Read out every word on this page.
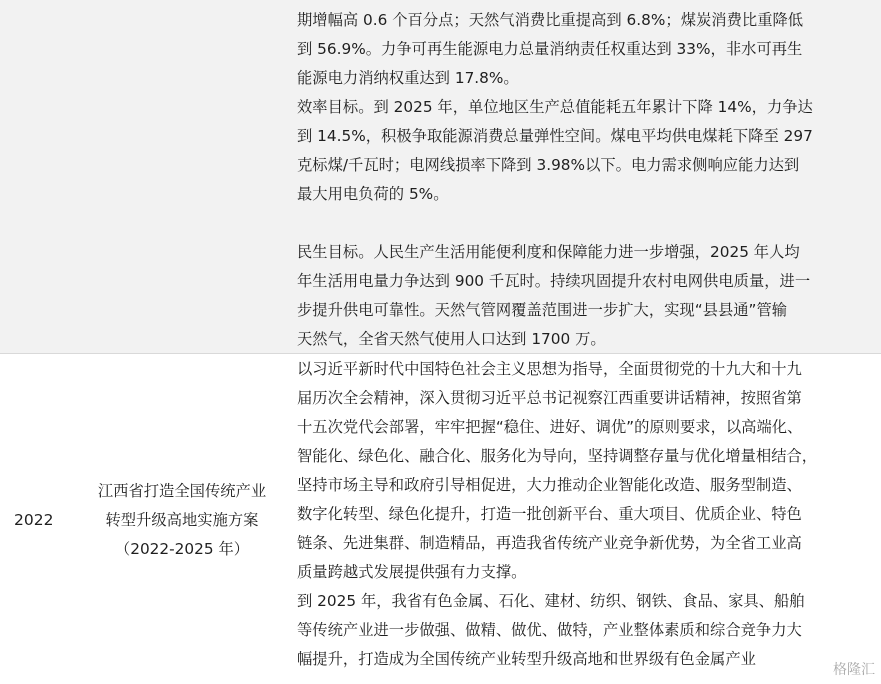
期增幅高 0.6 个百分点；天然气消费比重提高到 6.8%；煤炭消费比重降低
到 56.9%。力争可再生能源电力总量消纳责任权重达到 33%，非水可再生
能源电力消纳权重达到 17.8%。

效率目标。到 2025 年，单位地区生产总值能耗五年累计下降 14%，力争达
到 14.5%，积极争取能源消费总量弹性空间。煤电平均供电煤耗下降至 297
克标煤/千瓦时；电网线损率下降到 3.98%以下。电力需求侧响应能力达到
最大用电负荷的 5%。

民生目标。人民生产生活用能便利度和保障能力进一步增强，2025 年人均
年生活用电量力争达到 900 千瓦时。持续巩固提升农村电网供电质量，进一
步提升供电可靠性。天然气管网覆盖范围进一步扩大，实现“县县通”管输
天然气，全省天然气使用人口达到 1700 万。

2022
江西省打造全国传统产业
转型升级高地实施方案
（2022-2025 年）

以习近平新时代中国特色社会主义思想为指导，全面贯彻党的十九大和十九
届历次全会精神，深入贯彻习近平总书记视察江西重要讲话精神，按照省第
十五次党代会部署，牢牢把握“稳住、进好、调优”的原则要求，以高端化、
智能化、绿色化、融合化、服务化为导向，坚持调整存量与优化增量相结合，
坚持市场主导和政府引导相促进，大力推动企业智能化改造、服务型制造、
数字化转型、绿色化提升，打造一批创新平台、重大项目、优质企业、特色
链条、先进集群、制造精品，再造我省传统产业竞争新优势，为全省工业高
质量跨越式发展提供强有力支撑。

到 2025 年，我省有色金属、石化、建材、纺织、钢铁、食品、家具、船舶
等传统产业进一步做强、做精、做优、做特，产业整体素质和综合竞争力大
幅提升，打造成为全国传统产业转型升级高地和世界级有色金属产业

格隆汇
